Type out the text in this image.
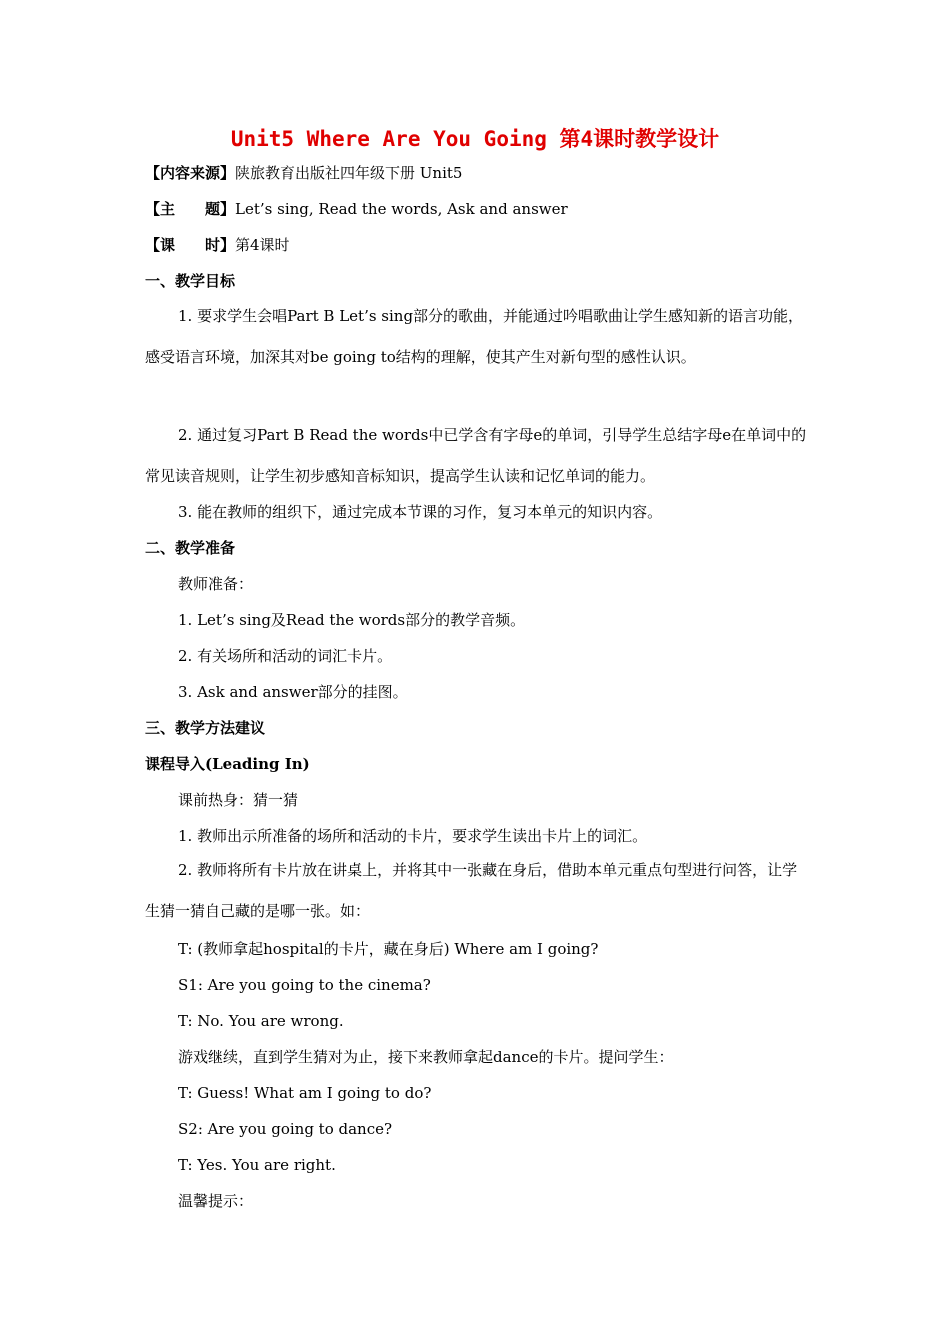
Unit5 Where Are You Going 第4课时教学设计
【内容来源】陕旅教育出版社四年级下册 Unit5
【主　　题】Let’s sing, Read the words, Ask and answer
【课　　时】第4课时
一、教学目标
1. 要求学生会唱Part B Let’s sing部分的歌曲，并能通过吟唱歌曲让学生感知新的语言功能，感受语言环境，加深其对be going to结构的理解，使其产生对新句型的感性认识。
2. 通过复习Part B Read the words中已学含有字母e的单词，引导学生总结字母e在单词中的常见读音规则，让学生初步感知音标知识，提高学生认读和记忆单词的能力。
3. 能在教师的组织下，通过完成本节课的习作，复习本单元的知识内容。
二、教学准备
教师准备：
1. Let’s sing及Read the words部分的教学音频。
2. 有关场所和活动的词汇卡片。
3. Ask and answer部分的挂图。
三、教学方法建议
课程导入(Leading In)
课前热身：猜一猜
1. 教师出示所准备的场所和活动的卡片，要求学生读出卡片上的词汇。
2. 教师将所有卡片放在讲桌上，并将其中一张藏在身后，借助本单元重点句型进行问答，让学生猜一猜自己藏的是哪一张。如：
T: (教师拿起hospital的卡片，藏在身后) Where am I going?
S1: Are you going to the cinema?
T: No. You are wrong.
游戏继续，直到学生猜对为止，接下来教师拿起dance的卡片。提问学生：
T: Guess! What am I going to do?
S2: Are you going to dance?
T: Yes. You are right.
温馨提示：
